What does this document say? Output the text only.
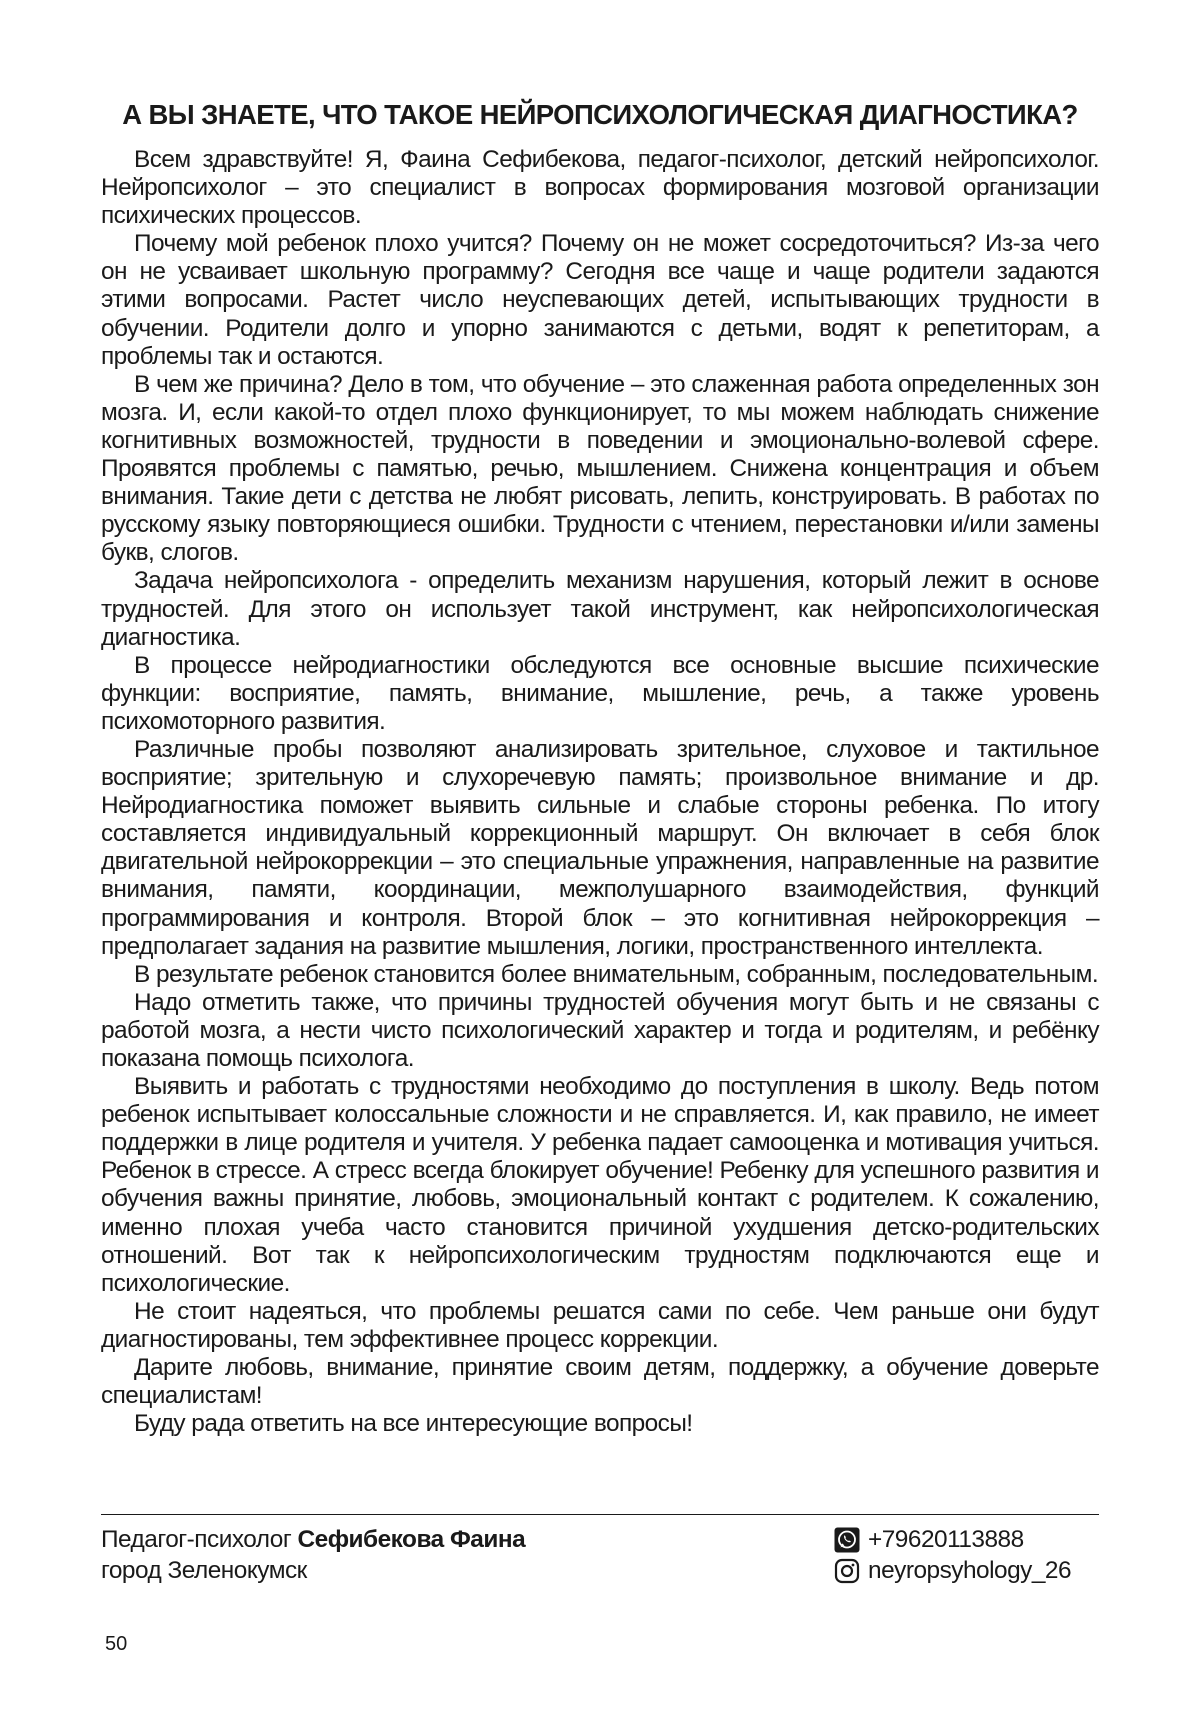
А ВЫ ЗНАЕТЕ, ЧТО ТАКОЕ НЕЙРОПСИХОЛОГИЧЕСКАЯ ДИАГНОСТИКА?

Всем здравствуйте! Я, Фаина Сефибекова, педагог-психолог, детский нейропсихолог. Нейропсихолог – это специалист в вопросах формирования мозговой организации психических процессов.

Почему мой ребенок плохо учится? Почему он не может сосредоточиться? Из-за чего он не усваивает школьную программу? Сегодня все чаще и чаще родители задаются этими вопросами. Растет число неуспевающих детей, испытывающих трудности в обучении. Родители долго и упорно занимаются с детьми, водят к репетиторам, а проблемы так и остаются.

В чем же причина? Дело в том, что обучение – это слаженная работа определенных зон мозга. И, если какой-то отдел плохо функционирует, то мы можем наблюдать снижение когнитивных возможностей, трудности в поведении и эмоционально-волевой сфере. Проявятся проблемы с памятью, речью, мышлением. Снижена концентрация и объем внимания. Такие дети с детства не любят рисовать, лепить, конструировать. В работах по русскому языку повторяющиеся ошибки. Трудности с чтением, перестановки и/или замены букв, слогов.

Задача нейропсихолога - определить механизм нарушения, который лежит в основе трудностей. Для этого он использует такой инструмент, как нейропсихологическая диагностика.

В процессе нейродиагностики обследуются все основные высшие психические функции: восприятие, память, внимание, мышление, речь, а также уровень психомоторного развития.

Различные пробы позволяют анализировать зрительное, слуховое и тактильное восприятие; зрительную и слухоречевую память; произвольное внимание и др. Нейродиагностика поможет выявить сильные и слабые стороны ребенка. По итогу составляется индивидуальный коррекционный маршрут. Он включает в себя блок двигательной нейрокоррекции – это специальные упражнения, направленные на развитие внимания, памяти, координации, межполушарного взаимодействия, функций программирования и контроля. Второй блок – это когнитивная нейрокоррекция – предполагает задания на развитие мышления, логики, пространственного интеллекта.

В результате ребенок становится более внимательным, собранным, последовательным.

Надо отметить также, что причины трудностей обучения могут быть и не связаны с работой мозга, а нести чисто психологический характер и тогда и родителям, и ребёнку показана помощь психолога.

Выявить и работать с трудностями необходимо до поступления в школу. Ведь потом ребенок испытывает колоссальные сложности и не справляется. И, как правило, не имеет поддержки в лице родителя и учителя. У ребенка падает самооценка и мотивация учиться. Ребенок в стрессе. А стресс всегда блокирует обучение! Ребенку для успешного развития и обучения важны принятие, любовь, эмоциональный контакт с родителем. К сожалению, именно плохая учеба часто становится причиной ухудшения детско-родительских отношений. Вот так к нейропсихологическим трудностям подключаются еще и психологические.

Не стоит надеяться, что проблемы решатся сами по себе. Чем раньше они будут диагностированы, тем эффективнее процесс коррекции.

Дарите любовь, внимание, принятие своим детям, поддержку, а обучение доверьте специалистам!

Буду рада ответить на все интересующие вопросы!

Педагог-психолог Сефибекова Фаина
город Зеленокумск
+79620113888
neyropsyhology_26
50
